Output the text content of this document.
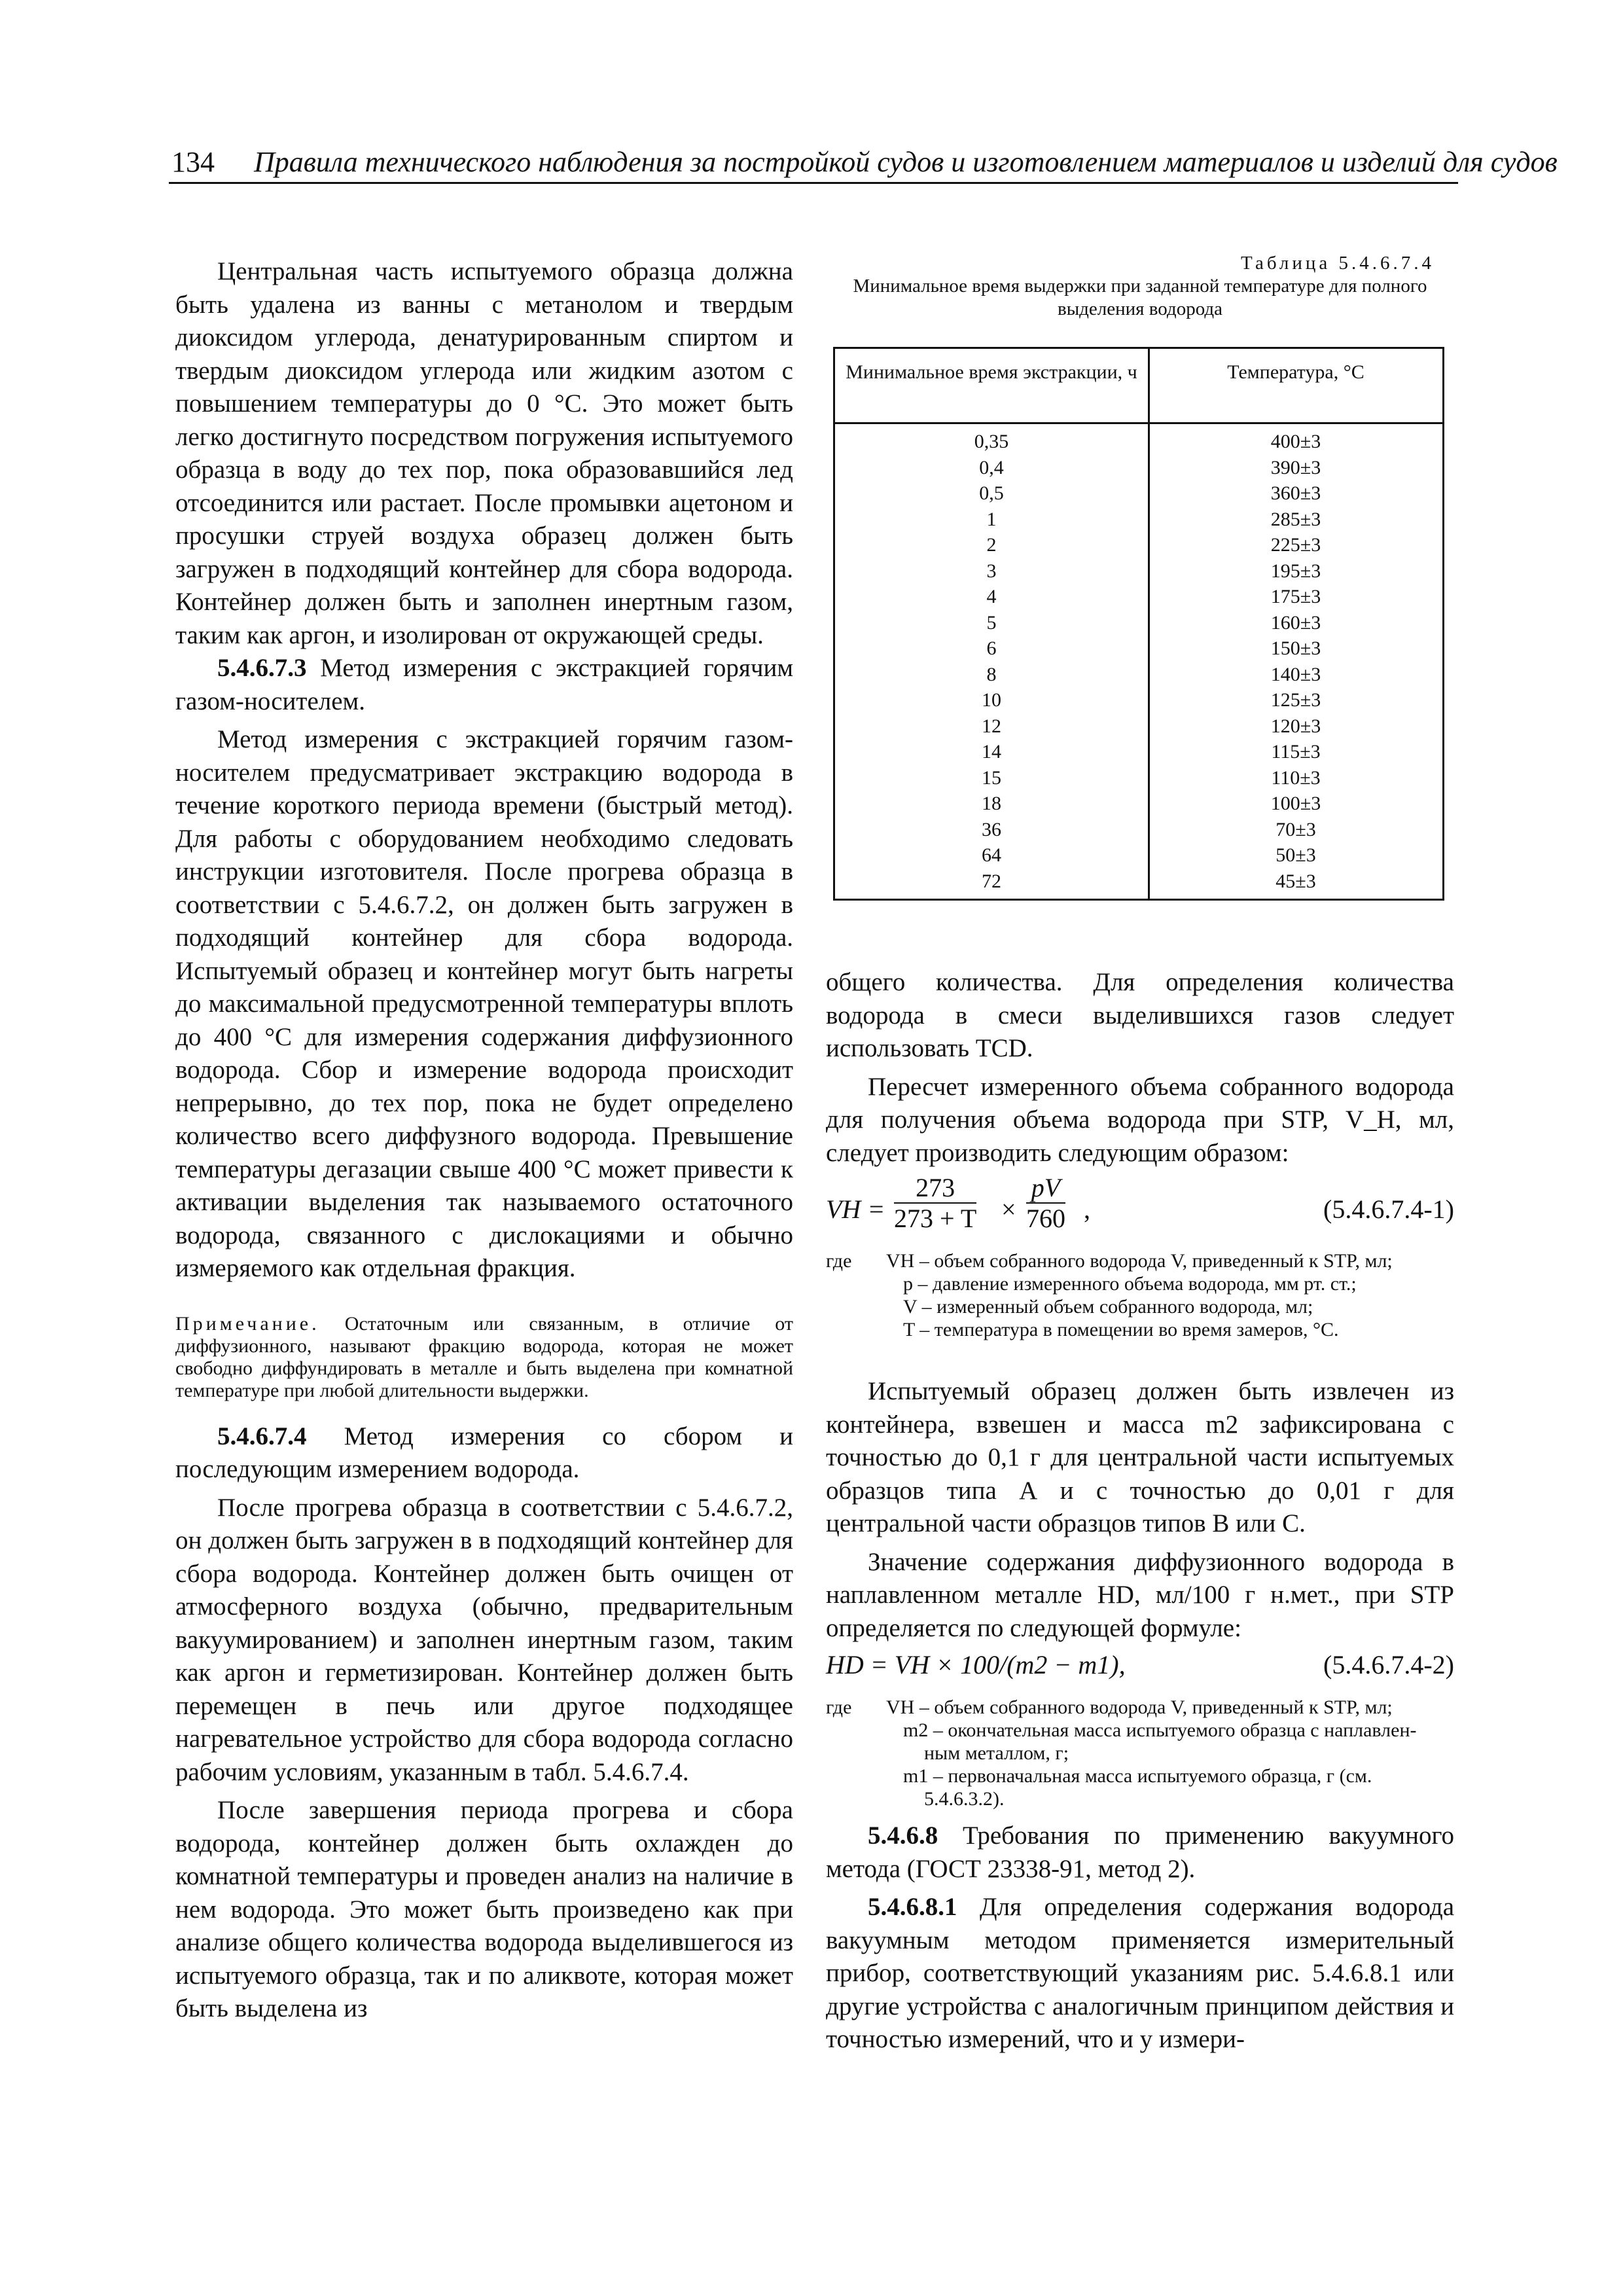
134 Правила технического наблюдения за постройкой судов и изготовлением материалов и изделий для судов

Центральная часть испытуемого образца должна быть удалена из ванны с метанолом и твердым диоксидом углерода, денатурированным спиртом и твердым диоксидом углерода или жидким азотом с повышением температуры до 0 °С. Это может быть легко достигнуто посредством погружения испытуемого образца в воду до тех пор, пока образовавшийся лед отсоединится или растает. После промывки ацетоном и просушки струей воздуха образец должен быть загружен в подходящий контейнер для сбора водорода. Контейнер должен быть и заполнен инертным газом, таким как аргон, и изолирован от окружающей среды.

5.4.6.7.3 Метод измерения с экстракцией горячим газом-носителем.

Метод измерения с экстракцией горячим газом-носителем предусматривает экстракцию водорода в течение короткого периода времени (быстрый метод). Для работы с оборудованием необходимо следовать инструкции изготовителя. После прогрева образца в соответствии с 5.4.6.7.2, он должен быть загружен в подходящий контейнер для сбора водорода. Испытуемый образец и контейнер могут быть нагреты до максимальной предусмотренной температуры вплоть до 400 °С для измерения содержания диффузионного водорода. Сбор и измерение водорода происходит непрерывно, до тех пор, пока не будет определено количество всего диффузного водорода. Превышение температуры дегазации свыше 400 °С может привести к активации выделения так называемого остаточного водорода, связанного с дислокациями и обычно измеряемого как отдельная фракция.

Примечание. Остаточным или связанным, в отличие от диффузионного, называют фракцию водорода, которая не может свободно диффундировать в металле и быть выделена при комнатной температуре при любой длительности выдержки.

5.4.6.7.4 Метод измерения со сбором и последующим измерением водорода.

После прогрева образца в соответствии с 5.4.6.7.2, он должен быть загружен в в подходящий контейнер для сбора водорода. Контейнер должен быть очищен от атмосферного воздуха (обычно, предварительным вакуумированием) и заполнен инертным газом, таким как аргон и герметизирован. Контейнер должен быть перемещен в печь или другое подходящее нагревательное устройство для сбора водорода согласно рабочим условиям, указанным в табл. 5.4.6.7.4.

После завершения периода прогрева и сбора водорода, контейнер должен быть охлажден до комнатной температуры и проведен анализ на наличие в нем водорода. Это может быть произведено как при анализе общего количества водорода выделившегося из испытуемого образца, так и по аликвоте, которая может быть выделена из

Таблица 5.4.6.7.4
Минимальное время выдержки при заданной температуре для полного выделения водорода
Минимальное время экстракции, ч	Температура, °С
0,35	400±3
0,4	390±3
0,5	360±3
1	285±3
2	225±3
3	195±3
4	175±3
5	160±3
6	150±3
8	140±3
10	125±3
12	120±3
14	115±3
15	110±3
18	100±3
36	70±3
64	50±3
72	45±3

общего количества. Для определения количества водорода в смеси выделившихся газов следует использовать TCD.

Пересчет измеренного объема собранного водорода для получения объема водорода при STP, V_H, мл, следует производить следующим образом:

VH = $\frac{273}{273 + T} \times \frac{pV}{760}$ ,	(5.4.6.7.4-1)
где VH – объем собранного водорода V, приведенный к STP, мл;
p – давление измеренного объема водорода, мм рт. ст.;
V – измеренный объем собранного водорода, мл;
T – температура в помещении во время замеров, °С.

Испытуемый образец должен быть извлечен из контейнера, взвешен и масса m2 зафиксирована с точностью до 0,1 г для центральной части испытуемых образцов типа А и с точностью до 0,01 г для центральной части образцов типов В или С.

Значение содержания диффузионного водорода в наплавленном металле HD, мл/100 г н.мет., при STP определяется по следующей формуле:

HD = VH × 100/(m2 − m1),	(5.4.6.7.4-2)
где VH – объем собранного водорода V, приведенный к STP, мл;
m2 – окончательная масса испытуемого образца с наплавлен-
ным металлом, г;
m1 – первоначальная масса испытуемого образца, г (см.
5.4.6.3.2).

5.4.6.8 Требования по применению вакуумного метода (ГОСТ 23338-91, метод 2).

5.4.6.8.1 Для определения содержания водорода вакуумным методом применяется измерительный прибор, соответствующий указаниям рис. 5.4.6.8.1 или другие устройства с аналогичным принципом действия и точностью измерений, что и у измери-
